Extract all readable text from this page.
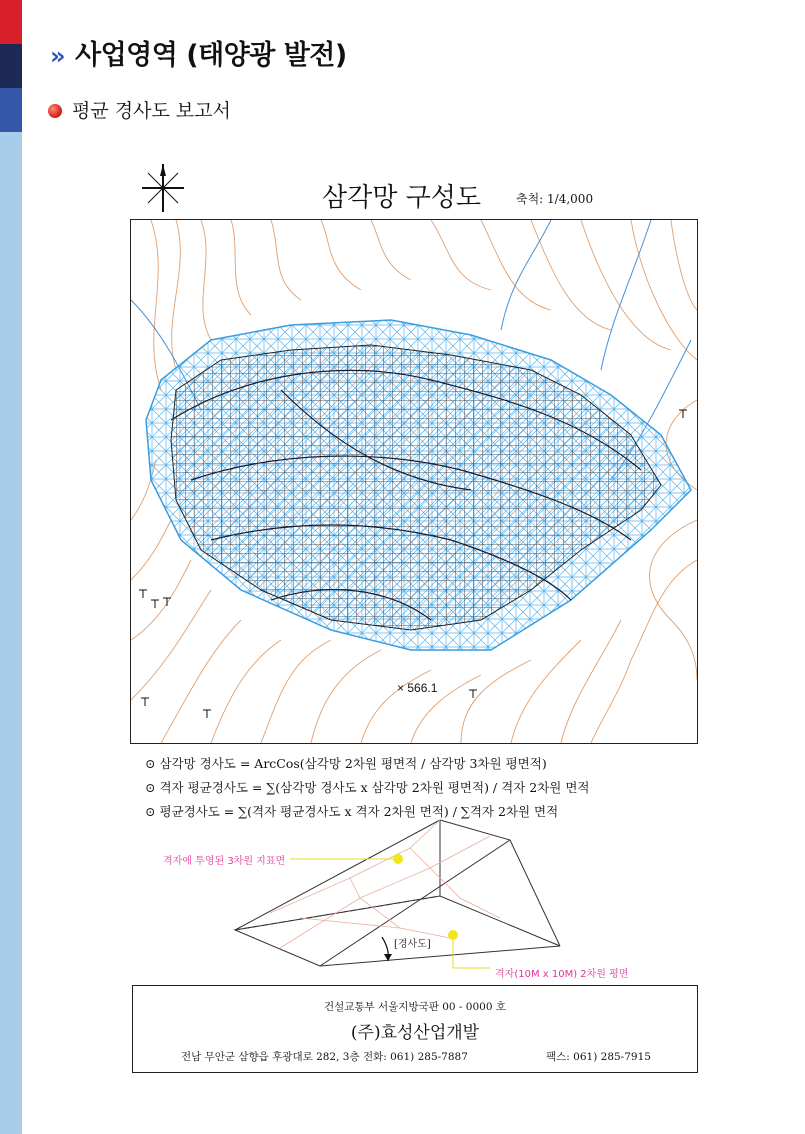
» 사업영역 (태양광 발전)
평균 경사도 보고서
삼각망 구성도	축척: 1/4,000
× 566.1
⊙ 삼각망 경사도 = ArcCos(삼각망 2차원 평면적 / 삼각망 3차원 평면적)
⊙ 격자 평균경사도 = ∑(삼각망 경사도 x 삼각망 2차원 평면적) / 격자 2차원 면적
⊙ 평균경사도 = ∑(격자 평균경사도 x 격자 2차원 면적) / ∑격자 2차원 면적
격자에 투영된 3차원 지표면
[경사도]
격자(10M x 10M) 2차원 평면
건설교통부 서울지방국판 00 - 0000 호
(주)효성산업개발
전남 무안군 삼향읍 후광대로 282, 3층 전화: 061) 285-7887	팩스: 061) 285-7915
